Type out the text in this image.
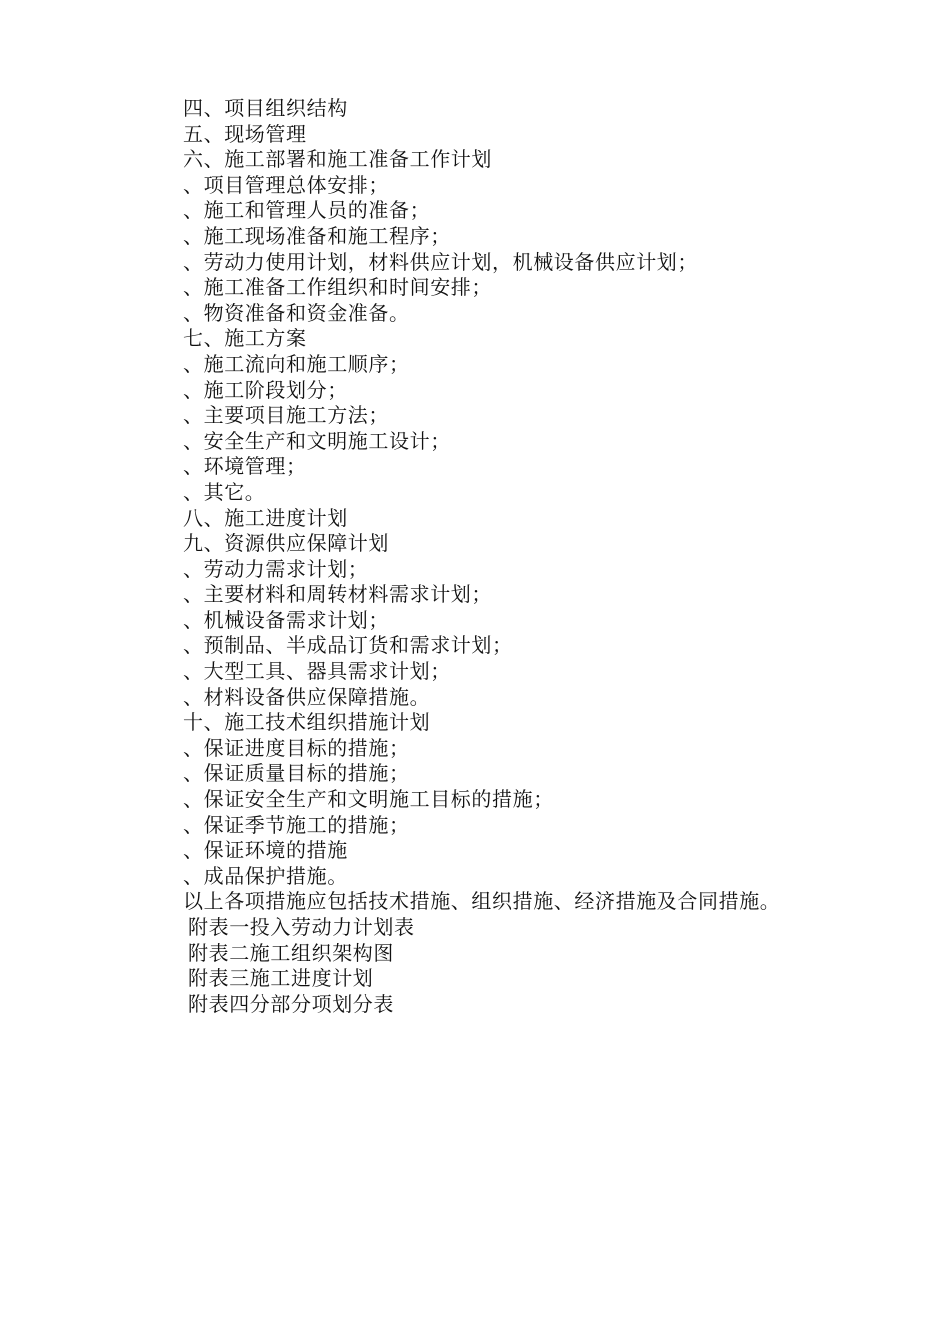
四、项目组织结构
五、现场管理
六、施工部署和施工准备工作计划
、项目管理总体安排；
、施工和管理人员的准备；
、施工现场准备和施工程序；
、劳动力使用计划，材料供应计划，机械设备供应计划；
、施工准备工作组织和时间安排；
、物资准备和资金准备。
七、施工方案
、施工流向和施工顺序；
、施工阶段划分；
、主要项目施工方法；
、安全生产和文明施工设计；
、环境管理；
、其它。
八、施工进度计划
九、资源供应保障计划
、劳动力需求计划；
、主要材料和周转材料需求计划；
、机械设备需求计划；
、预制品、半成品订货和需求计划；
、大型工具、器具需求计划；
、材料设备供应保障措施。
十、施工技术组织措施计划
、保证进度目标的措施；
、保证质量目标的措施；
、保证安全生产和文明施工目标的措施；
、保证季节施工的措施；
、保证环境的措施
、成品保护措施。
以上各项措施应包括技术措施、组织措施、经济措施及合同措施。
附表一投入劳动力计划表
附表二施工组织架构图
附表三施工进度计划
附表四分部分项划分表
